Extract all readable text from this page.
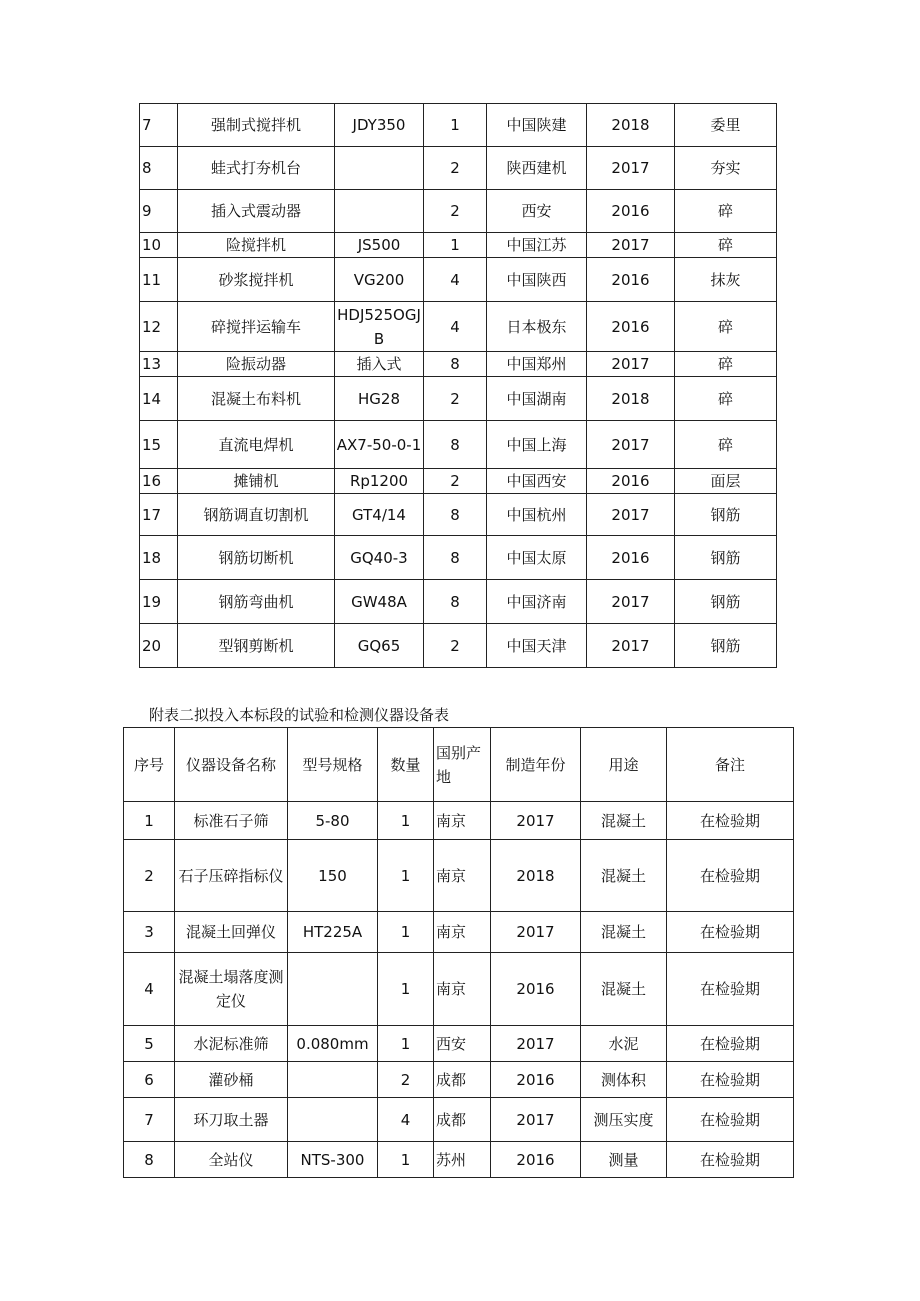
7	强制式搅拌机	JDY350	1	中国陕建	2018	委里
8	蛙式打夯机台		2	陕西建机	2017	夯实
9	插入式震动器		2	西安	2016	碎
10	险搅拌机	JS500	1	中国江苏	2017	碎
11	砂浆搅拌机	VG200	4	中国陕西	2016	抹灰
12	碎搅拌运输车	HDJ525OGJB	4	日本极东	2016	碎
13	险振动器	插入式	8	中国郑州	2017	碎
14	混凝土布料机	HG28	2	中国湖南	2018	碎
15	直流电焊机	AX7-50-0-1	8	中国上海	2017	碎
16	摊铺机	Rp1200	2	中国西安	2016	面层
17	钢筋调直切割机	GT4/14	8	中国杭州	2017	钢筋
18	钢筋切断机	GQ40-3	8	中国太原	2016	钢筋
19	钢筋弯曲机	GW48A	8	中国济南	2017	钢筋
20	型钢剪断机	GQ65	2	中国天津	2017	钢筋
附表二拟投入本标段的试验和检测仪器设备表
序号	仪器设备名称	型号规格	数量	国别产地	制造年份	用途	备注
1	标准石子筛	5-80	1	南京	2017	混凝土	在检验期
2	石子压碎指标仪	150	1	南京	2018	混凝土	在检验期
3	混凝土回弹仪	HT225A	1	南京	2017	混凝土	在检验期
4	混凝土塌落度测定仪		1	南京	2016	混凝土	在检验期
5	水泥标准筛	0.080mm	1	西安	2017	水泥	在检验期
6	灌砂桶		2	成都	2016	测体积	在检验期
7	环刀取土器		4	成都	2017	测压实度	在检验期
8	全站仪	NTS-300	1	苏州	2016	测量	在检验期
